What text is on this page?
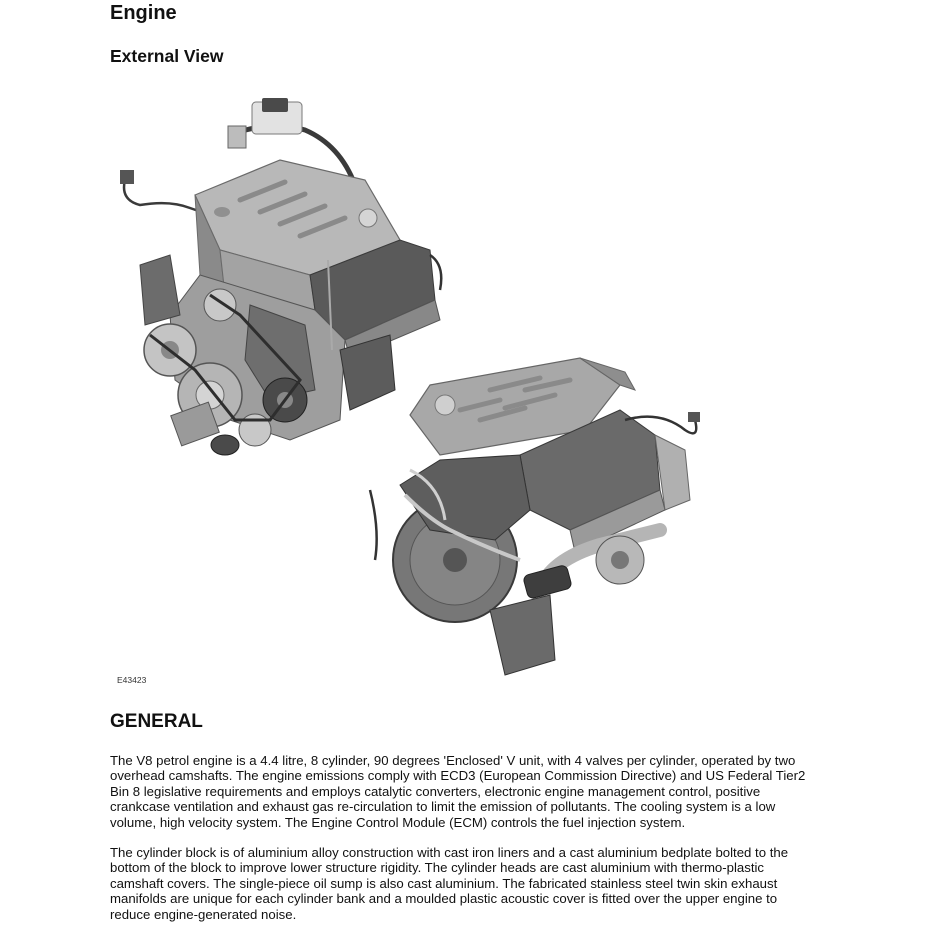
Engine
External View
E43423
GENERAL

The V8 petrol engine is a 4.4 litre, 8 cylinder, 90 degrees 'Enclosed' V unit, with 4 valves per cylinder, operated by two
overhead camshafts. The engine emissions comply with ECD3 (European Commission Directive) and US Federal Tier2
Bin 8 legislative requirements and employs catalytic converters, electronic engine management control, positive
crankcase ventilation and exhaust gas re-circulation to limit the emission of pollutants. The cooling system is a low
volume, high velocity system. The Engine Control Module (ECM) controls the fuel injection system.

The cylinder block is of aluminium alloy construction with cast iron liners and a cast aluminium bedplate bolted to the
bottom of the block to improve lower structure rigidity. The cylinder heads are cast aluminium with thermo-plastic
camshaft covers. The single-piece oil sump is also cast aluminium. The fabricated stainless steel twin skin exhaust
manifolds are unique for each cylinder bank and a moulded plastic acoustic cover is fitted over the upper engine to
reduce engine-generated noise.
